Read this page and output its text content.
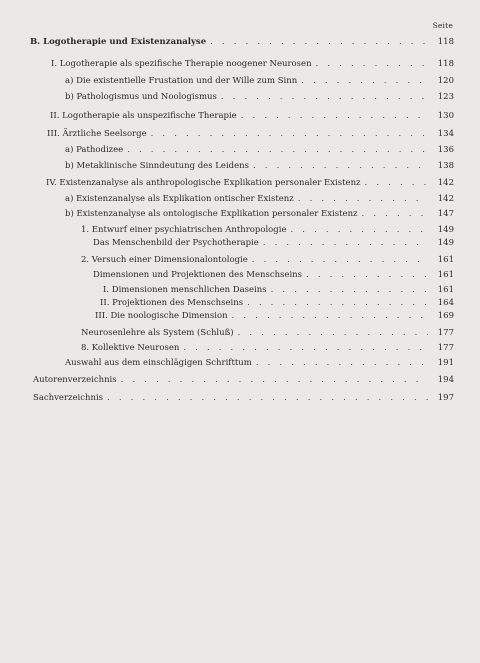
Seite
B. Logotherapie und Existenzanalyse . . .	118
I. Logotherapie als spezifische Therapie noogener Neurosen . . .	118
a) Die existentielle Frustation und der Wille zum Sinn . . .	120
b) Pathologismus und Noologismus . . .	123
II. Logotherapie als unspezifische Therapie . . .	130
III. Ärztliche Seelsorge . . .	134
a) Pathodizee . . .	136
b) Metaklinische Sinndeutung des Leidens . . .	138
IV. Existenzanalyse als anthropologische Explikation personaler Existenz . . .	142
a) Existenzanalyse als Explikation ontischer Existenz . . .	142
b) Existenzanalyse als ontologische Explikation personaler Existenz . . .	147
1. Entwurf einer psychiatrischen Anthropologie . . .	149
Das Menschenbild der Psychotherapie . . .	149
2. Versuch einer Dimensionalontologie . . .	161
Dimensionen und Projektionen des Menschseins . . .	161
I. Dimensionen menschlichen Daseins . . .	161
II. Projektionen des Menschseins . . .	164
III. Die noologische Dimension . . .	169
Neurosenlehre als System (Schluß) . . .	177
8. Kollektive Neurosen . . .	177
Auswahl aus dem einschlägigen Schrifttum . . .	191
Autorenverzeichnis . . .	194
Sachverzeichnis . . .	197
